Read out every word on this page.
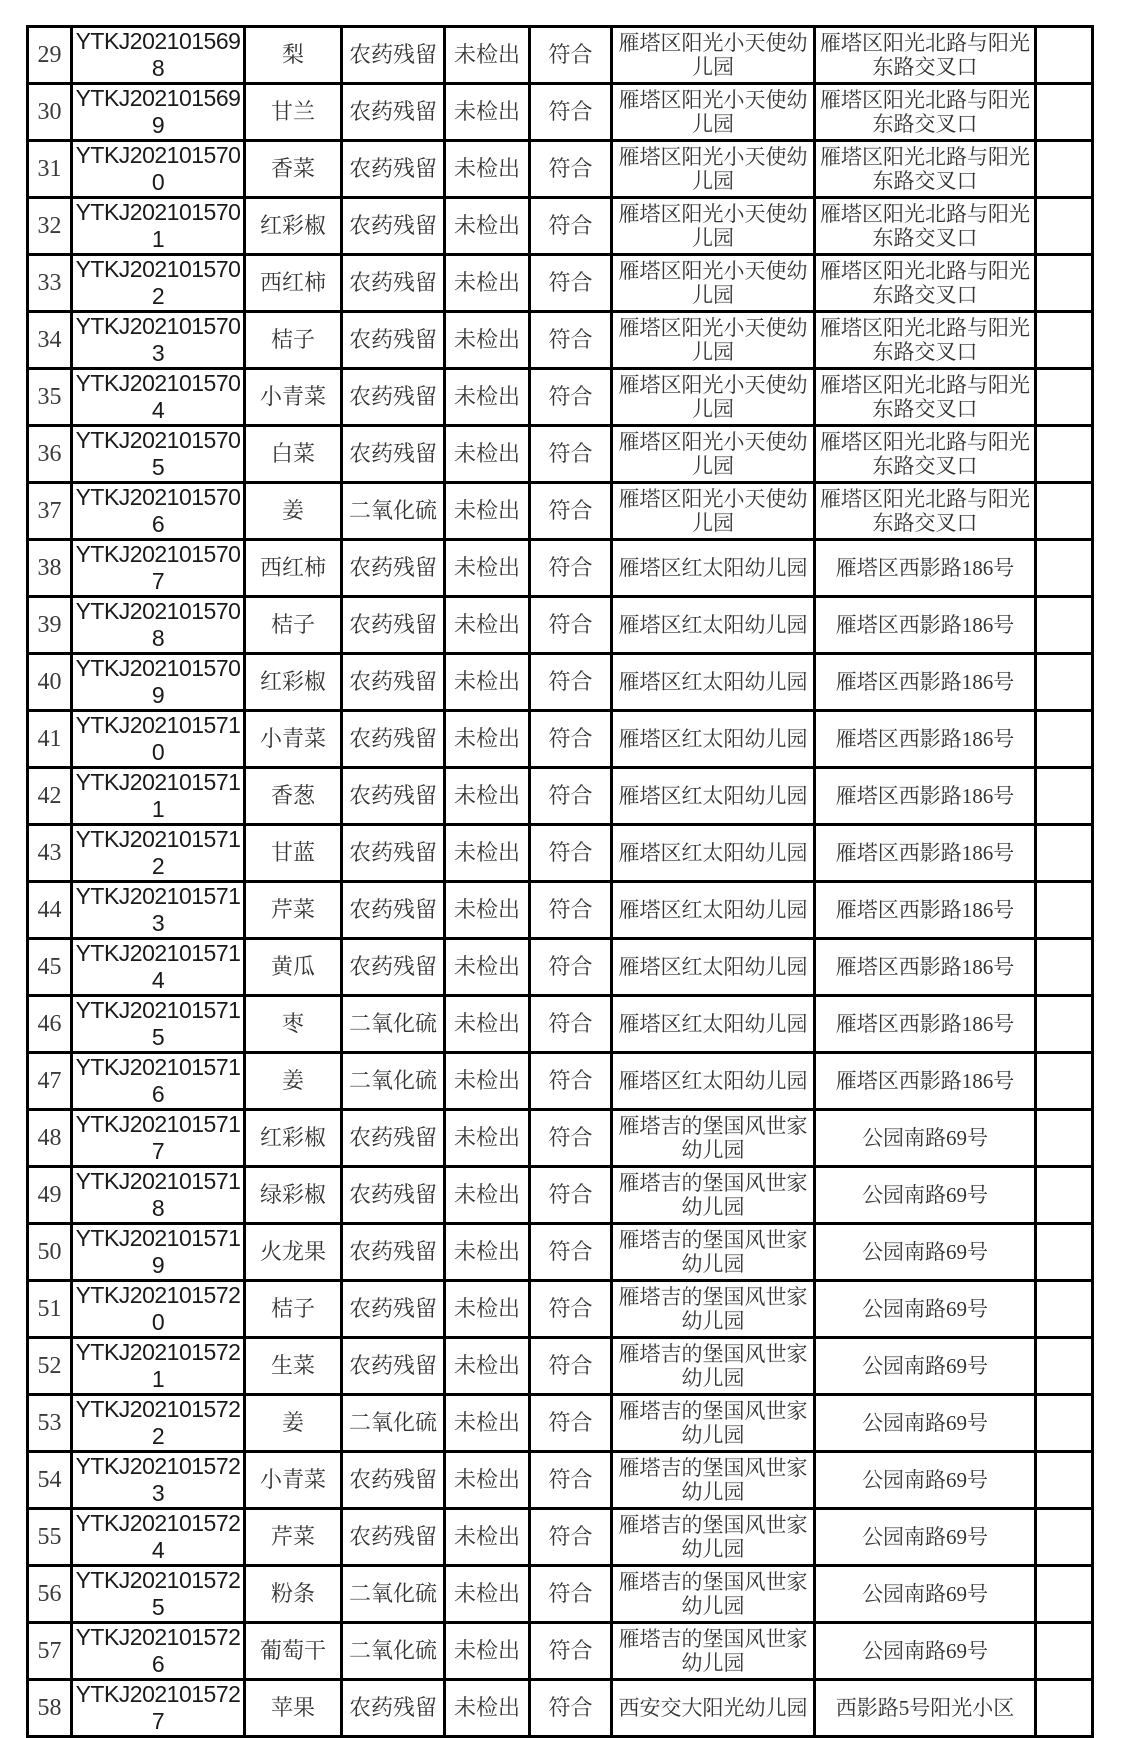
29	YTKJ2021015698	梨	农药残留	未检出	符合	雁塔区阳光小天使幼儿园	雁塔区阳光北路与阳光东路交叉口	
30	YTKJ2021015699	甘兰	农药残留	未检出	符合	雁塔区阳光小天使幼儿园	雁塔区阳光北路与阳光东路交叉口	
31	YTKJ2021015700	香菜	农药残留	未检出	符合	雁塔区阳光小天使幼儿园	雁塔区阳光北路与阳光东路交叉口	
32	YTKJ2021015701	红彩椒	农药残留	未检出	符合	雁塔区阳光小天使幼儿园	雁塔区阳光北路与阳光东路交叉口	
33	YTKJ2021015702	西红柿	农药残留	未检出	符合	雁塔区阳光小天使幼儿园	雁塔区阳光北路与阳光东路交叉口	
34	YTKJ2021015703	桔子	农药残留	未检出	符合	雁塔区阳光小天使幼儿园	雁塔区阳光北路与阳光东路交叉口	
35	YTKJ2021015704	小青菜	农药残留	未检出	符合	雁塔区阳光小天使幼儿园	雁塔区阳光北路与阳光东路交叉口	
36	YTKJ2021015705	白菜	农药残留	未检出	符合	雁塔区阳光小天使幼儿园	雁塔区阳光北路与阳光东路交叉口	
37	YTKJ2021015706	姜	二氧化硫	未检出	符合	雁塔区阳光小天使幼儿园	雁塔区阳光北路与阳光东路交叉口	
38	YTKJ2021015707	西红柿	农药残留	未检出	符合	雁塔区红太阳幼儿园	雁塔区西影路186号	
39	YTKJ2021015708	桔子	农药残留	未检出	符合	雁塔区红太阳幼儿园	雁塔区西影路186号	
40	YTKJ2021015709	红彩椒	农药残留	未检出	符合	雁塔区红太阳幼儿园	雁塔区西影路186号	
41	YTKJ2021015710	小青菜	农药残留	未检出	符合	雁塔区红太阳幼儿园	雁塔区西影路186号	
42	YTKJ2021015711	香葱	农药残留	未检出	符合	雁塔区红太阳幼儿园	雁塔区西影路186号	
43	YTKJ2021015712	甘蓝	农药残留	未检出	符合	雁塔区红太阳幼儿园	雁塔区西影路186号	
44	YTKJ2021015713	芹菜	农药残留	未检出	符合	雁塔区红太阳幼儿园	雁塔区西影路186号	
45	YTKJ2021015714	黄瓜	农药残留	未检出	符合	雁塔区红太阳幼儿园	雁塔区西影路186号	
46	YTKJ2021015715	枣	二氧化硫	未检出	符合	雁塔区红太阳幼儿园	雁塔区西影路186号	
47	YTKJ2021015716	姜	二氧化硫	未检出	符合	雁塔区红太阳幼儿园	雁塔区西影路186号	
48	YTKJ2021015717	红彩椒	农药残留	未检出	符合	雁塔吉的堡国风世家幼儿园	公园南路69号	
49	YTKJ2021015718	绿彩椒	农药残留	未检出	符合	雁塔吉的堡国风世家幼儿园	公园南路69号	
50	YTKJ2021015719	火龙果	农药残留	未检出	符合	雁塔吉的堡国风世家幼儿园	公园南路69号	
51	YTKJ2021015720	桔子	农药残留	未检出	符合	雁塔吉的堡国风世家幼儿园	公园南路69号	
52	YTKJ2021015721	生菜	农药残留	未检出	符合	雁塔吉的堡国风世家幼儿园	公园南路69号	
53	YTKJ2021015722	姜	二氧化硫	未检出	符合	雁塔吉的堡国风世家幼儿园	公园南路69号	
54	YTKJ2021015723	小青菜	农药残留	未检出	符合	雁塔吉的堡国风世家幼儿园	公园南路69号	
55	YTKJ2021015724	芹菜	农药残留	未检出	符合	雁塔吉的堡国风世家幼儿园	公园南路69号	
56	YTKJ2021015725	粉条	二氧化硫	未检出	符合	雁塔吉的堡国风世家幼儿园	公园南路69号	
57	YTKJ2021015726	葡萄干	二氧化硫	未检出	符合	雁塔吉的堡国风世家幼儿园	公园南路69号	
58	YTKJ2021015727	苹果	农药残留	未检出	符合	西安交大阳光幼儿园	西影路5号阳光小区	
